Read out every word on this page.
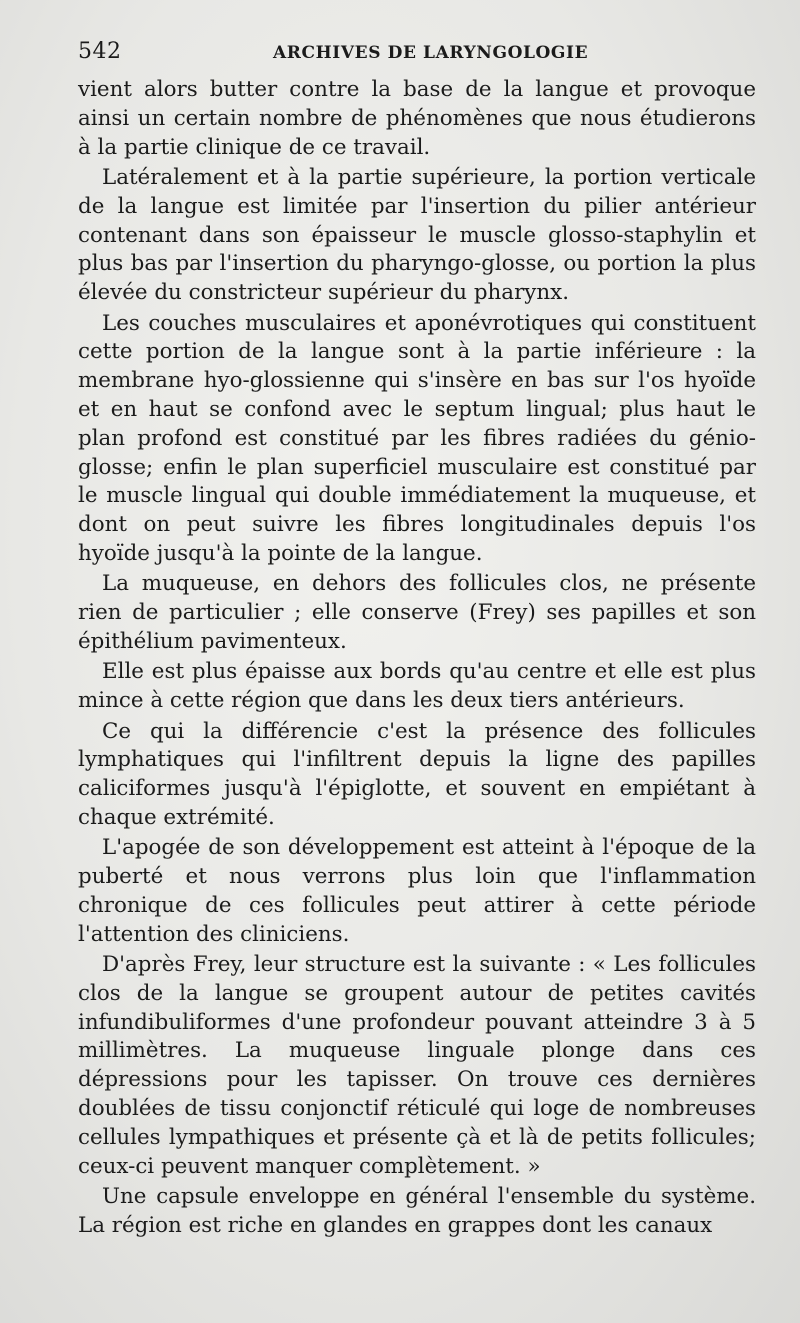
542	ARCHIVES DE LARYNGOLOGIE

vient alors butter contre la base de la langue et provoque ainsi un certain nombre de phénomènes que nous étudierons à la partie clinique de ce travail.

Latéralement et à la partie supérieure, la portion verticale de la langue est limitée par l'insertion du pilier antérieur contenant dans son épaisseur le muscle glosso-staphylin et plus bas par l'insertion du pharyngo-glosse, ou portion la plus élevée du constricteur supérieur du pharynx.

Les couches musculaires et aponévrotiques qui constituent cette portion de la langue sont à la partie inférieure : la membrane hyo-glossienne qui s'insère en bas sur l'os hyoïde et en haut se confond avec le septum lingual; plus haut le plan profond est constitué par les fibres radiées du génio-glosse; enfin le plan superficiel musculaire est constitué par le muscle lingual qui double immédiatement la muqueuse, et dont on peut suivre les fibres longitudinales depuis l'os hyoïde jusqu'à la pointe de la langue.

La muqueuse, en dehors des follicules clos, ne présente rien de particulier ; elle conserve (Frey) ses papilles et son épithélium pavimenteux.

Elle est plus épaisse aux bords qu'au centre et elle est plus mince à cette région que dans les deux tiers antérieurs.

Ce qui la différencie c'est la présence des follicules lymphatiques qui l'infiltrent depuis la ligne des papilles caliciformes jusqu'à l'épiglotte, et souvent en empiétant à chaque extrémité.

L'apogée de son développement est atteint à l'époque de la puberté et nous verrons plus loin que l'inflammation chronique de ces follicules peut attirer à cette période l'attention des cliniciens.

D'après Frey, leur structure est la suivante : « Les follicules clos de la langue se groupent autour de petites cavités infundibuliformes d'une profondeur pouvant atteindre 3 à 5 millimètres. La muqueuse linguale plonge dans ces dépressions pour les tapisser. On trouve ces dernières doublées de tissu conjonctif réticulé qui loge de nombreuses cellules lympathiques et présente çà et là de petits follicules; ceux-ci peuvent manquer complètement. »

Une capsule enveloppe en général l'ensemble du système. La région est riche en glandes en grappes dont les canaux
